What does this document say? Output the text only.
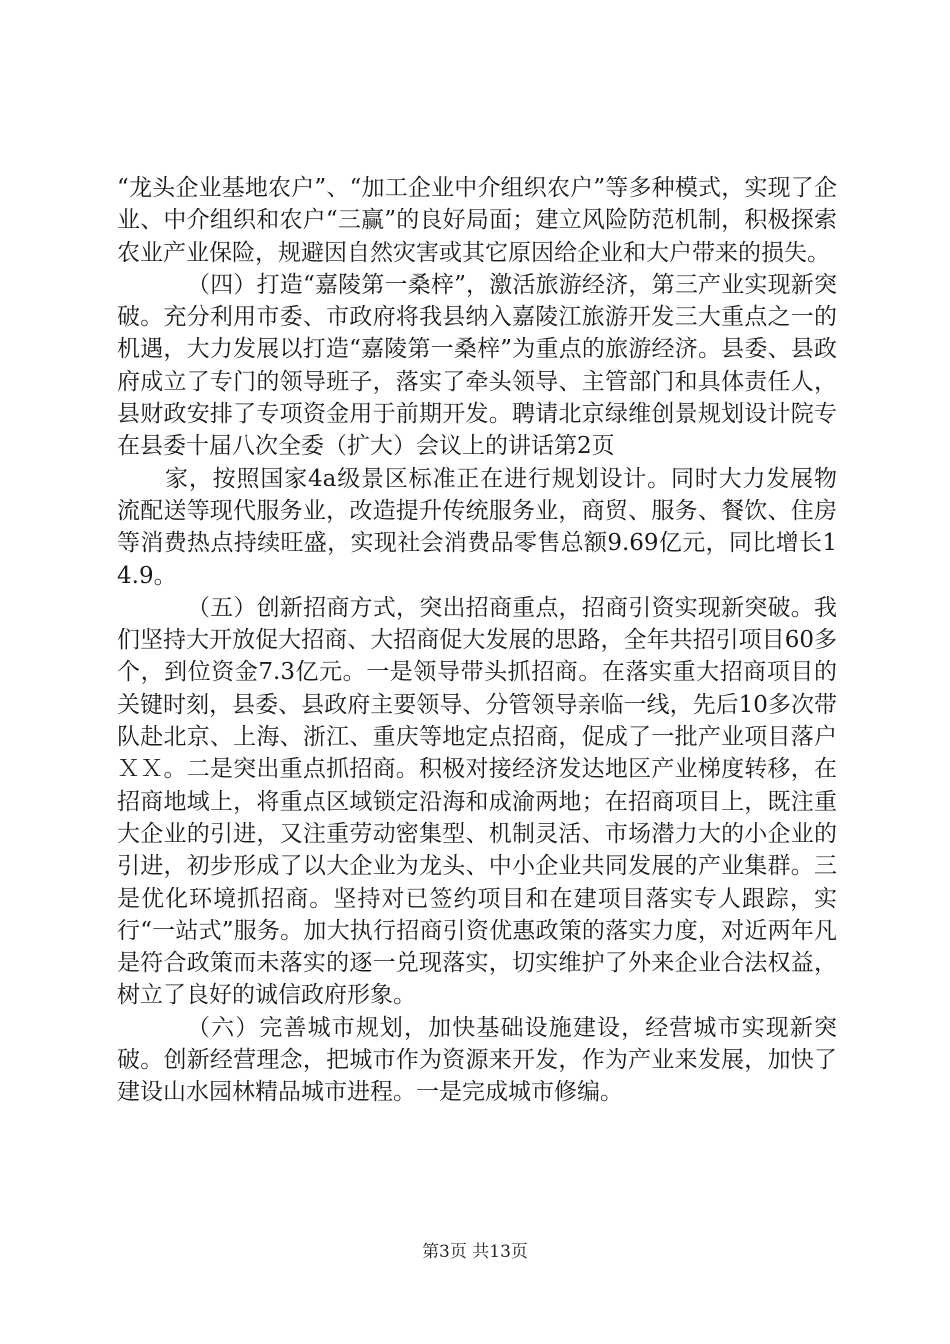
“龙头企业基地农户”、“加工企业中介组织农户”等多种模式，实现了企业、中介组织和农户“三赢”的良好局面；建立风险防范机制，积极探索农业产业保险，规避因自然灾害或其它原因给企业和大户带来的损失。

（四）打造“嘉陵第一桑梓”，激活旅游经济，第三产业实现新突破。充分利用市委、市政府将我县纳入嘉陵江旅游开发三大重点之一的机遇，大力发展以打造“嘉陵第一桑梓”为重点的旅游经济。县委、县政府成立了专门的领导班子，落实了牵头领导、主管部门和具体责任人，县财政安排了专项资金用于前期开发。聘请北京绿维创景规划设计院专在县委十届八次全委（扩大）会议上的讲话第2页

家，按照国家4a级景区标准正在进行规划设计。同时大力发展物流配送等现代服务业，改造提升传统服务业，商贸、服务、餐饮、住房等消费热点持续旺盛，实现社会消费品零售总额9.69亿元，同比增长14.9。

（五）创新招商方式，突出招商重点，招商引资实现新突破。我们坚持大开放促大招商、大招商促大发展的思路，全年共招引项目60多个，到位资金7.3亿元。一是领导带头抓招商。在落实重大招商项目的关键时刻，县委、县政府主要领导、分管领导亲临一线，先后10多次带队赴北京、上海、浙江、重庆等地定点招商，促成了一批产业项目落户ＸＸ。二是突出重点抓招商。积极对接经济发达地区产业梯度转移，在招商地域上，将重点区域锁定沿海和成渝两地；在招商项目上，既注重大企业的引进，又注重劳动密集型、机制灵活、市场潜力大的小企业的引进，初步形成了以大企业为龙头、中小企业共同发展的产业集群。三是优化环境抓招商。坚持对已签约项目和在建项目落实专人跟踪，实行“一站式”服务。加大执行招商引资优惠政策的落实力度，对近两年凡是符合政策而未落实的逐一兑现落实，切实维护了外来企业合法权益，树立了良好的诚信政府形象。

（六）完善城市规划，加快基础设施建设，经营城市实现新突破。创新经营理念，把城市作为资源来开发，作为产业来发展，加快了建设山水园林精品城市进程。一是完成城市修编。

第3页 共13页
